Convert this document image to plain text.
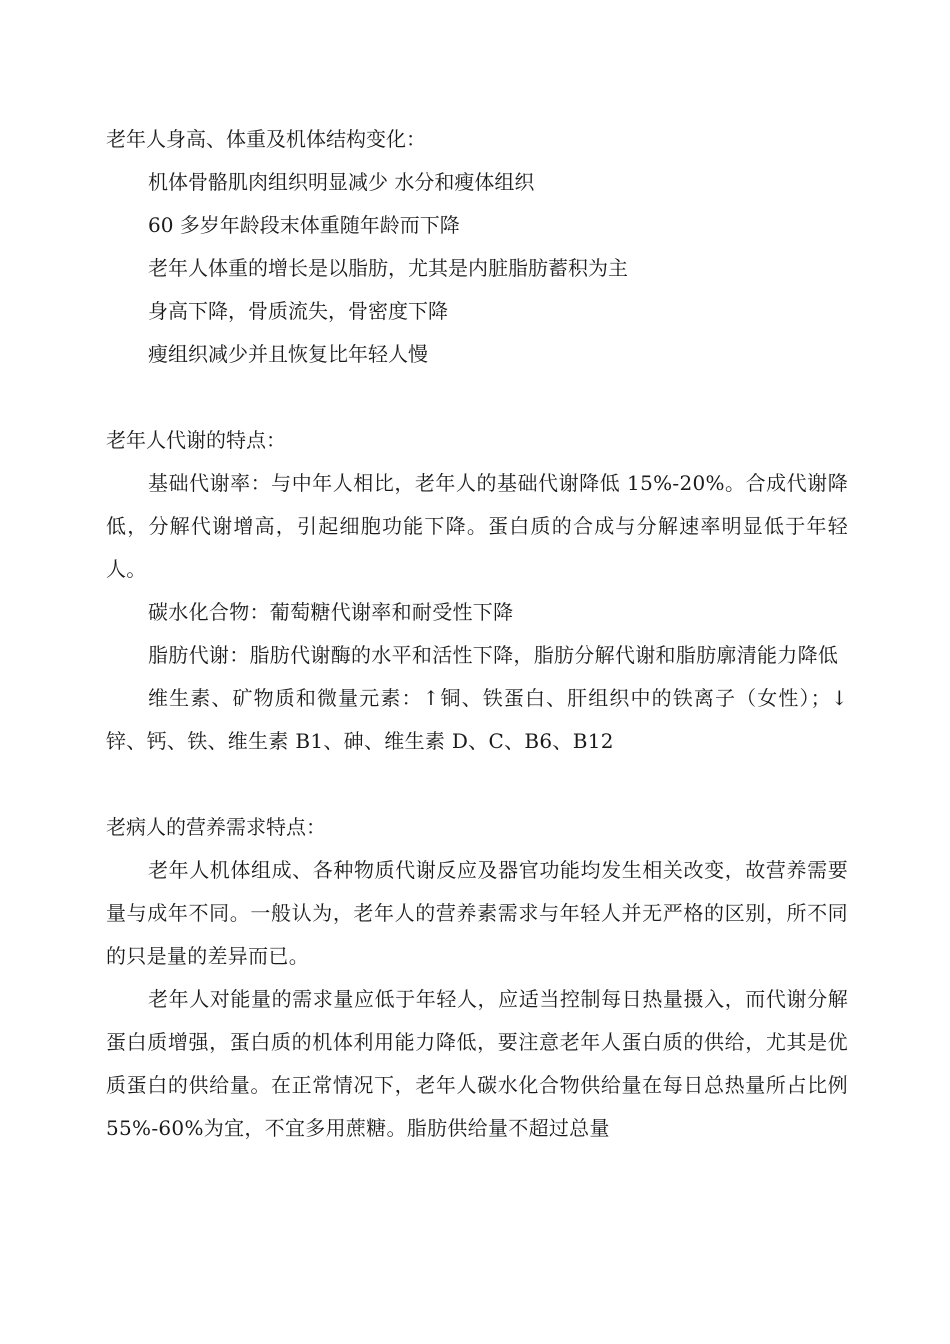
老年人身高、体重及机体结构变化：

机体骨骼肌肉组织明显减少 水分和瘦体组织

60 多岁年龄段末体重随年龄而下降

老年人体重的增长是以脂肪，尤其是内脏脂肪蓄积为主

身高下降，骨质流失，骨密度下降

瘦组织减少并且恢复比年轻人慢

老年人代谢的特点：

基础代谢率：与中年人相比，老年人的基础代谢降低 15%-20%。合成代谢降低，分解代谢增高，引起细胞功能下降。蛋白质的合成与分解速率明显低于年轻人。

碳水化合物：葡萄糖代谢率和耐受性下降

脂肪代谢：脂肪代谢酶的水平和活性下降，脂肪分解代谢和脂肪廓清能力降低

维生素、矿物质和微量元素：↑铜、铁蛋白、肝组织中的铁离子（女性）；↓锌、钙、铁、维生素 B1、砷、维生素 D、C、B6、B12

老病人的营养需求特点：

老年人机体组成、各种物质代谢反应及器官功能均发生相关改变，故营养需要量与成年不同。一般认为，老年人的营养素需求与年轻人并无严格的区别，所不同的只是量的差异而已。

老年人对能量的需求量应低于年轻人，应适当控制每日热量摄入，而代谢分解蛋白质增强，蛋白质的机体利用能力降低，要注意老年人蛋白质的供给，尤其是优质蛋白的供给量。在正常情况下，老年人碳水化合物供给量在每日总热量所占比例 55%-60%为宜，不宜多用蔗糖。脂肪供给量不超过总量
